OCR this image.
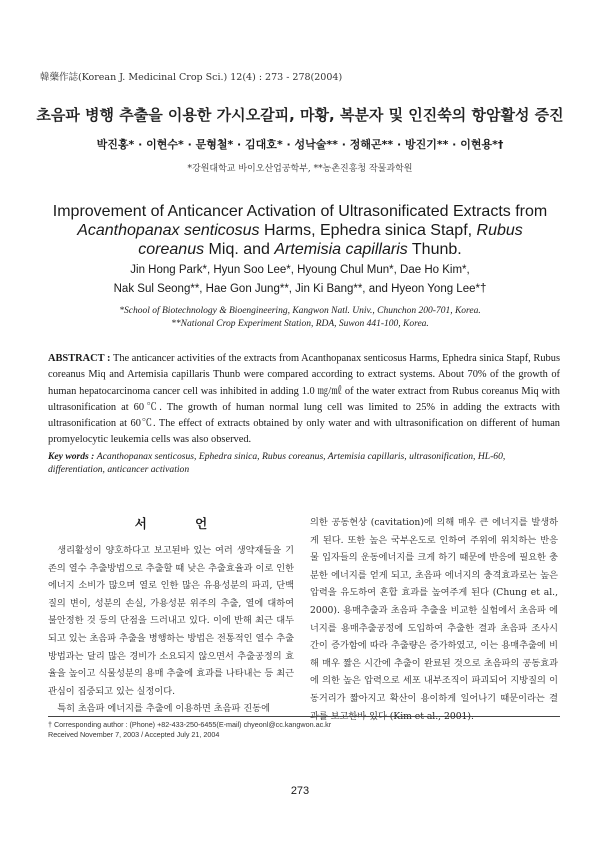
韓藥作誌(Korean J. Medicinal Crop Sci.) 12(4) : 273 - 278(2004)
초음파 병행 추출을 이용한 가시오갈피, 마황, 복분자 및 인진쑥의 항암활성 증진
박진홍* · 이현수* · 문형철* · 김대호* · 성낙술** · 정해곤** · 방진기** · 이현용*†
*강원대학교 바이오산업공학부, **농촌진흥청 작물과학원
Improvement of Anticancer Activation of Ultrasonificated Extracts from
Acanthopanax senticosus Harms, Ephedra sinica Stapf, Rubus
coreanus Miq. and Artemisia capillaris Thunb.
Jin Hong Park*, Hyun Soo Lee*, Hyoung Chul Mun*, Dae Ho Kim*,
Nak Sul Seong**, Hae Gon Jung**, Jin Ki Bang**, and Hyeon Yong Lee*†
*School of Biotechnology & Bioengineering, Kangwon Natl. Univ., Chunchon 200-701, Korea.
**National Crop Experiment Station, RDA, Suwon 441-100, Korea.
ABSTRACT : The anticancer activities of the extracts from Acanthopanax senticosus Harms, Ephedra sinica Stapf, Rubus coreanus Miq and Artemisia capillaris Thunb were compared according to extract systems. About 70% of the growth of human hepatocarcinoma cancer cell was inhibited in adding 1.0 ㎎/㎖ of the water extract from Rubus coreanus Miq with ultrasonification at 60℃. The growth of human normal lung cell was limited to 25% in adding the extracts with ultrasonification at 60℃. The effect of extracts obtained by only water and with ultrasonification on different of human promyelocytic leukemia cells was also observed.
Key words : Acanthopanax senticosus, Ephedra sinica, Rubus coreanus, Artemisia capillaris, ultrasonification, HL-60, differentiation, anticancer activation
서 언

생리활성이 양호하다고 보고된바 있는 여러 생약재들을 기존의 열수 추출방법으로 추출할 때 낮은 추출효율과 이로 인한 에너지 소비가 많으며 열로 인한 많은 유용성분의 파괴, 단백질의 변이, 성분의 손실, 가용성분 위주의 추출, 열에 대하여 불안정한 것 등의 단점을 드러내고 있다. 이에 반해 최근 대두되고 있는 초음파 추출을 병행하는 방법은 전통적인 열수 추출방법과는 달리 많은 경비가 소요되지 않으면서 추출공정의 효율을 높이고 식물성분의 용매 추출에 효과를 나타내는 등 최근 관심이 집중되고 있는 실정이다.

특히 초음파 에너지를 추출에 이용하면 초음파 진동에

의한 공동현상 (cavitation)에 의해 매우 큰 에너지를 발생하게 된다. 또한 높은 국부온도로 인하여 주위에 위치하는 반응물 입자들의 운동에너지를 크게 하기 때문에 반응에 필요한 충분한 에너지를 얻게 되고, 초음파 에너지의 충격효과로는 높은 압력을 유도하여 혼합 효과를 높여주게 된다 (Chung et al., 2000). 용매추출과 초음파 추출을 비교한 실험에서 초음파 에너지를 용매추출공정에 도입하여 추출한 결과 초음파 조사시간이 증가함에 따라 추출량은 증가하였고, 이는 용매추출에 비해 매우 짧은 시간에 추출이 완료된 것으로 초음파의 공동효과에 의한 높은 압력으로 세포 내부조직이 파괴되어 지방질의 이동거리가 짧아지고 확산이 용이하게 일어나기 때문이라는 결과를 보고한바 있다 (Kim et al., 2001).

† Corresponding author : (Phone) +82-433-250-6455(E-mail) chyeonl@cc.kangwon.ac.kr
Received November 7, 2003 / Accepted July 21, 2004
273
